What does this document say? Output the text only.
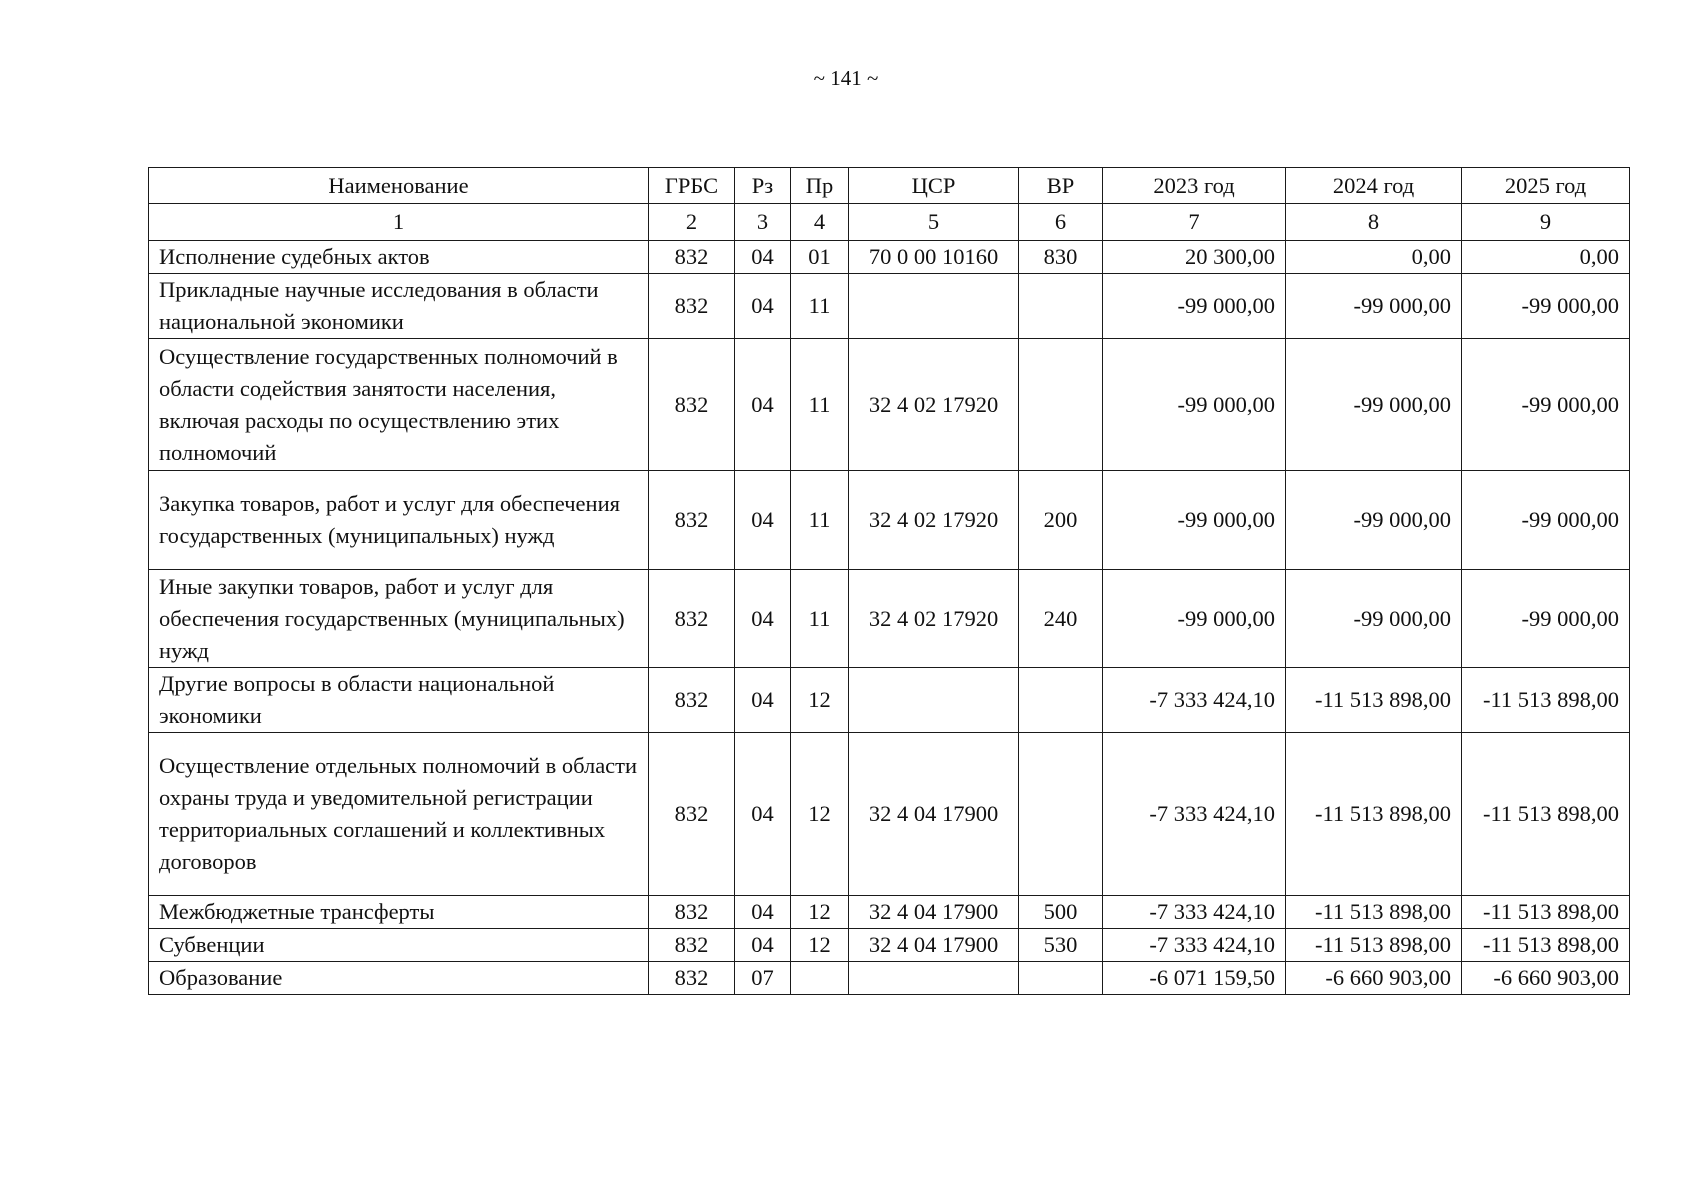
~ 141 ~
Наименование	ГРБС	Рз	Пр	ЦСР	ВР	2023 год	2024 год	2025 год
1	2	3	4	5	6	7	8	9
Исполнение судебных актов	832	04	01	70 0 00 10160	830	20 300,00	0,00	0,00
Прикладные научные исследования в области национальной экономики	832	04	11			-99 000,00	-99 000,00	-99 000,00
Осуществление государственных полномочий в области содействия занятости населения, включая расходы по осуществлению этих полномочий	832	04	11	32 4 02 17920		-99 000,00	-99 000,00	-99 000,00
Закупка товаров, работ и услуг для обеспечения государственных (муниципальных) нужд	832	04	11	32 4 02 17920	200	-99 000,00	-99 000,00	-99 000,00
Иные закупки товаров, работ и услуг для обеспечения государственных (муниципальных) нужд	832	04	11	32 4 02 17920	240	-99 000,00	-99 000,00	-99 000,00
Другие вопросы в области национальной экономики	832	04	12			-7 333 424,10	-11 513 898,00	-11 513 898,00
Осуществление отдельных полномочий в области охраны труда и уведомительной регистрации территориальных соглашений и коллективных договоров	832	04	12	32 4 04 17900		-7 333 424,10	-11 513 898,00	-11 513 898,00
Межбюджетные трансферты	832	04	12	32 4 04 17900	500	-7 333 424,10	-11 513 898,00	-11 513 898,00
Субвенции	832	04	12	32 4 04 17900	530	-7 333 424,10	-11 513 898,00	-11 513 898,00
Образование	832	07				-6 071 159,50	-6 660 903,00	-6 660 903,00
